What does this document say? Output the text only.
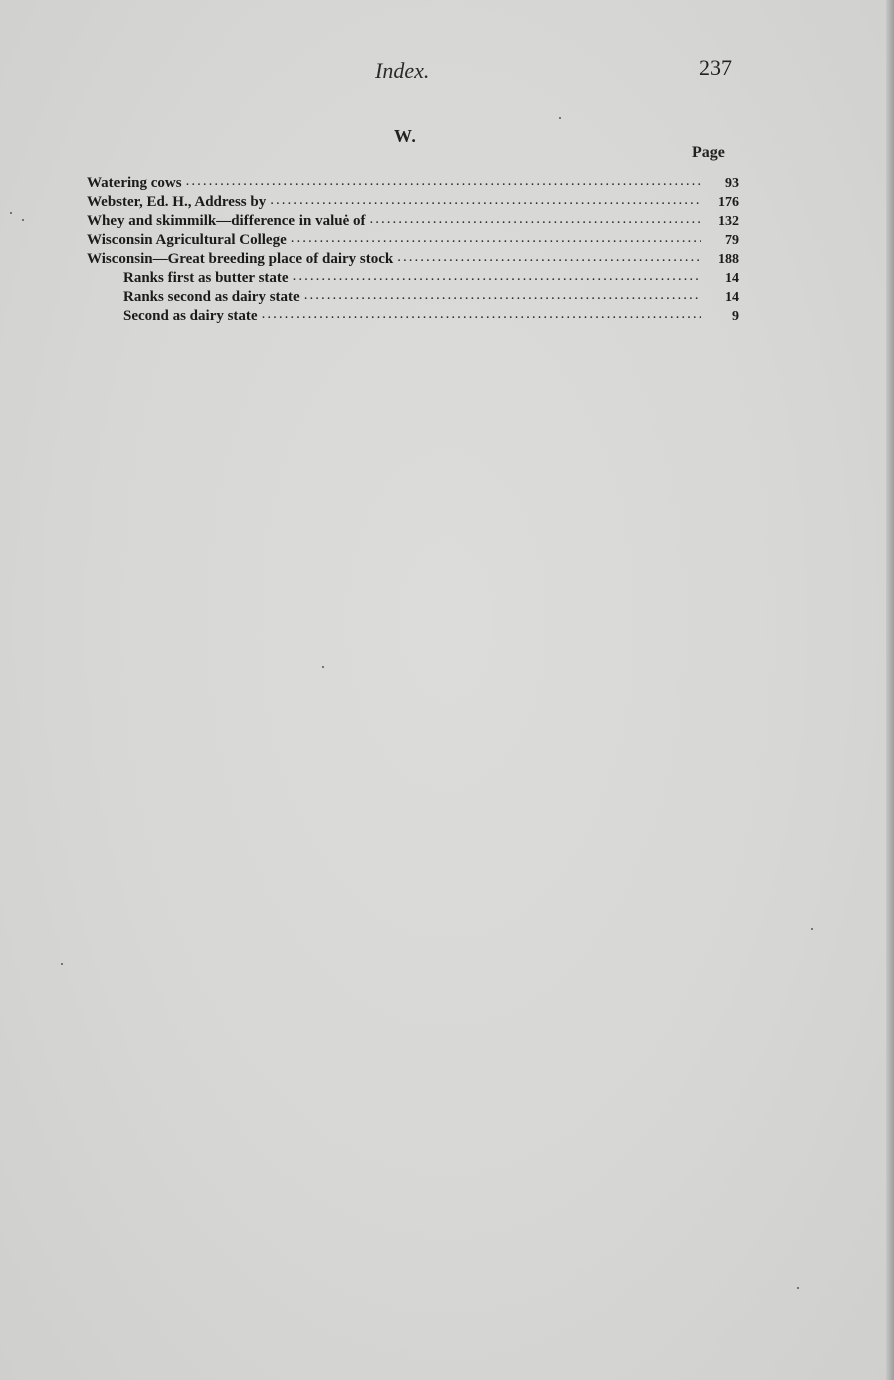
Index.	237
W.
Page
Watering cows .....	93
Webster, Ed. H., Address by .....	176
Whey and skimmilk—difference in valuė of .....	132
Wisconsin Agricultural College .....	79
Wisconsin—Great breeding place of dairy stock .....	188
Ranks first as butter state .....	14
Ranks second as dairy state .....	14
Second as dairy state .....	9
